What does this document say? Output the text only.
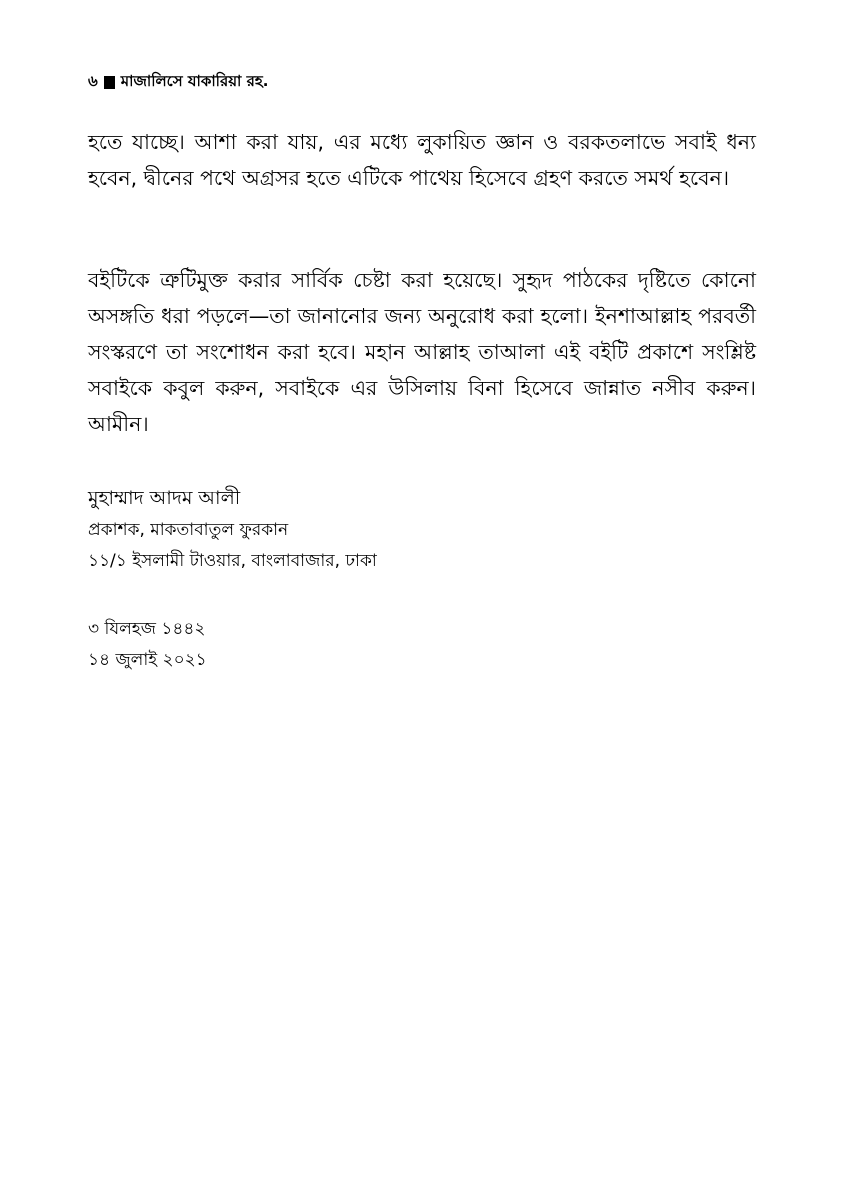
৬ মাজালিসে যাকারিয়া রহ.

হতে যাচ্ছে। আশা করা যায়, এর মধ্যে লুকায়িত জ্ঞান ও বরকতলাভে সবাই ধন্য হবেন, দ্বীনের পথে অগ্রসর হতে এটিকে পাথেয় হিসেবে গ্রহণ করতে সমর্থ হবেন।

বইটিকে ত্রুটিমুক্ত করার সার্বিক চেষ্টা করা হয়েছে। সুহৃদ পাঠকের দৃষ্টিতে কোনো অসঙ্গতি ধরা পড়লে—তা জানানোর জন্য অনুরোধ করা হলো। ইনশাআল্লাহ পরবর্তী সংস্করণে তা সংশোধন করা হবে। মহান আল্লাহ তাআলা এই বইটি প্রকাশে সংশ্লিষ্ট সবাইকে কবুল করুন, সবাইকে এর উসিলায় বিনা হিসেবে জান্নাত নসীব করুন। আমীন।

মুহাম্মাদ আদম আলী
প্রকাশক, মাকতাবাতুল ফুরকান
১১/১ ইসলামী টাওয়ার, বাংলাবাজার, ঢাকা
৩ যিলহজ ১৪৪২
১৪ জুলাই ২০২১
